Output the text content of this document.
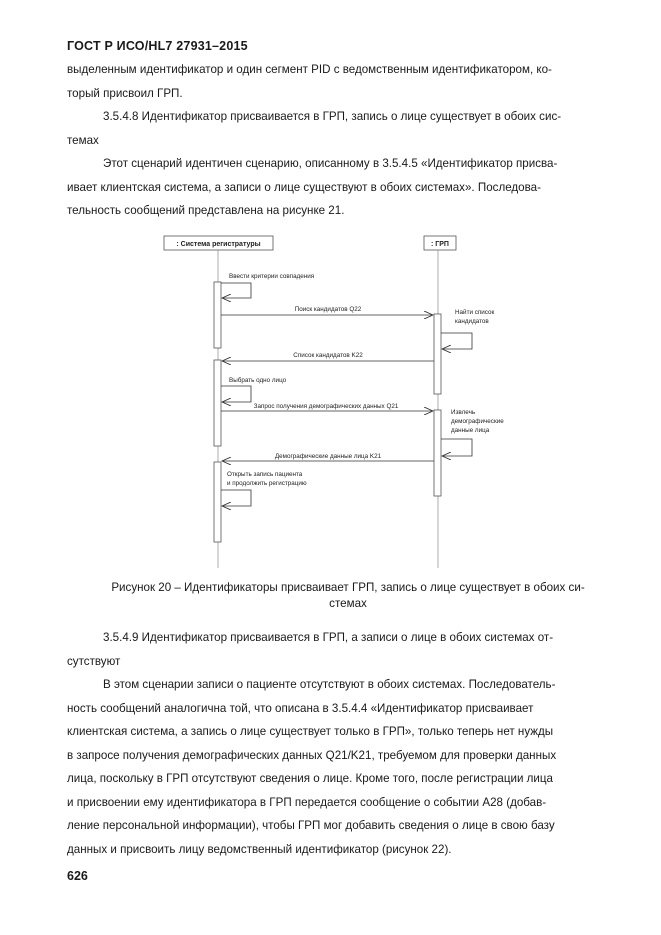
ГОСТ Р ИСО/HL7 27931–2015

выделенным идентификатор и один сегмент PID с ведомственным идентификатором, ко-

торый присвоил ГРП.

3.5.4.8 Идентификатор присваивается в ГРП, запись о лице существует в обоих сис-

темах

Этот сценарий идентичен сценарию, описанному в 3.5.4.5 «Идентификатор присва-

ивает клиентская система, а записи о лице существуют в обоих системах». Последова-

тельность сообщений представлена на рисунке 21.

: Система регистратуры	: ГРП
Ввести критерии совпадения
Поиск кандидатов Q22	Найти список
кандидатов
Список кандидатов K22
Выбрать одно лицо
Запрос получения демографических данных Q21
Извлечь
демографические
данные лица
Демографические данные лица K21
Открыть запись пациента
и продолжить регистрацию
Рисунок 20 – Идентификаторы присваивает ГРП, запись о лице существует в обоих си-
стемах

3.5.4.9 Идентификатор присваивается в ГРП, а записи о лице в обоих системах от-

сутствуют

В этом сценарии записи о пациенте отсутствуют в обоих системах. Последователь-

ность сообщений аналогична той, что описана в 3.5.4.4 «Идентификатор присваивает

клиентская система, а запись о лице существует только в ГРП», только теперь нет нужды

в запросе получения демографических данных Q21/K21, требуемом для проверки данных

лица, поскольку в ГРП отсутствуют сведения о лице. Кроме того, после регистрации лица

и присвоении ему идентификатора в ГРП передается сообщение о событии A28 (добав-

ление персональной информации), чтобы ГРП мог добавить сведения о лице в свою базу

данных и присвоить лицу ведомственный идентификатор (рисунок 22).

626
